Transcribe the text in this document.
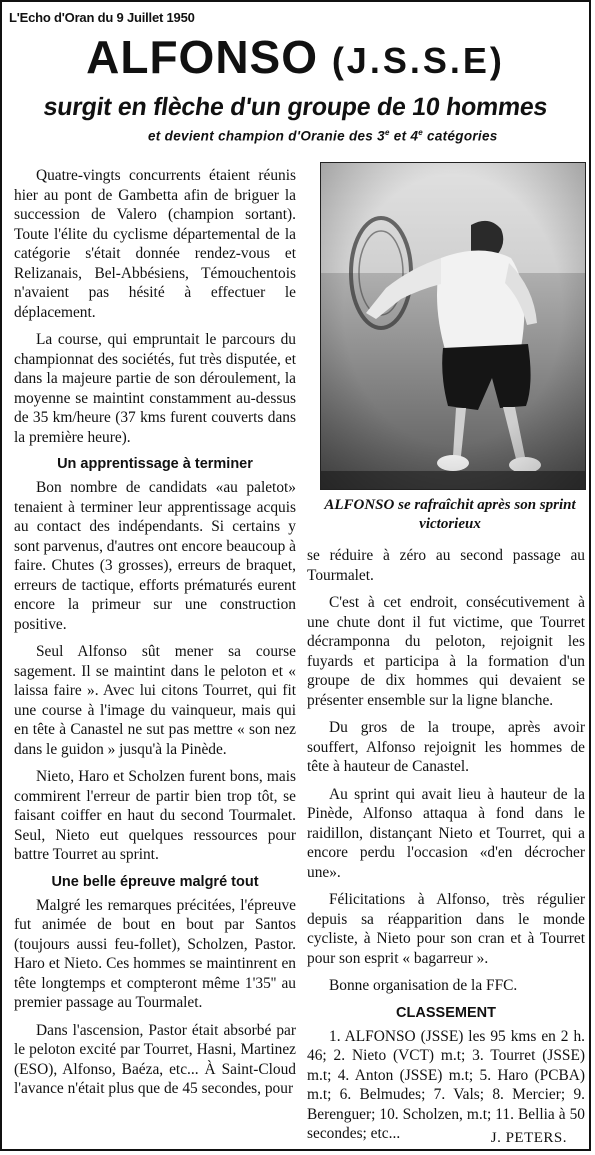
L'Echo d'Oran du 9 Juillet 1950
ALFONSO (J.S.S.E)
surgit en flèche d'un groupe de 10 hommes
et devient champion d'Oranie des 3e et 4e catégories
ALFONSO se rafraîchit après son sprint victorieux

Quatre-vingts concurrents étaient réunis hier au pont de Gambetta afin de briguer la succession de Valero (champion sortant). Toute l'élite du cyclisme départemental de la catégorie s'était donnée rendez-vous et Relizanais, Bel-Abbésiens, Témouchentois n'avaient pas hésité à effectuer le déplacement.

La course, qui empruntait le parcours du championnat des sociétés, fut très disputée, et dans la majeure partie de son déroulement, la moyenne se maintint constamment au-dessus de 35 km/heure (37 kms furent couverts dans la première heure).

Un apprentissage à terminer

Bon nombre de candidats «au paletot» tenaient à terminer leur apprentissage acquis au contact des indépendants. Si certains y sont parvenus, d'autres ont encore beaucoup à faire. Chutes (3 grosses), erreurs de braquet, erreurs de tactique, efforts prématurés eurent encore la primeur sur une construction positive.

Seul Alfonso sût mener sa course sagement. Il se maintint dans le peloton et « laissa faire ». Avec lui citons Tourret, qui fit une course à l'image du vainqueur, mais qui en tête à Canastel ne sut pas mettre « son nez dans le guidon » jusqu'à la Pinède.

Nieto, Haro et Scholzen furent bons, mais commirent l'erreur de partir bien trop tôt, se faisant coiffer en haut du second Tourmalet. Seul, Nieto eut quelques ressources pour battre Tourret au sprint.

Une belle épreuve malgré tout

Malgré les remarques précitées, l'épreuve fut animée de bout en bout par Santos (toujours aussi feu-follet), Scholzen, Pastor. Haro et Nieto. Ces hommes se maintinrent en tête longtemps et compteront même 1'35'' au premier passage au Tourmalet.

Dans l'ascension, Pastor était absorbé par le peloton excité par Tourret, Hasni, Martinez (ESO), Alfonso, Baéza, etc... À Saint-Cloud l'avance n'était plus que de 45 secondes, pour

se réduire à zéro au second passage au Tourmalet.

C'est à cet endroit, consécutivement à une chute dont il fut victime, que Tourret décramponna du peloton, rejoignit les fuyards et participa à la formation d'un groupe de dix hommes qui devaient se présenter ensemble sur la ligne blanche.

Du gros de la troupe, après avoir souffert, Alfonso rejoignit les hommes de tête à hauteur de Canastel.

Au sprint qui avait lieu à hauteur de la Pinède, Alfonso attaqua à fond dans le raidillon, distançant Nieto et Tourret, qui a encore perdu l'occasion «d'en décrocher une».

Félicitations à Alfonso, très régulier depuis sa réapparition dans le monde cycliste, à Nieto pour son cran et à Tourret pour son esprit « bagarreur ».

Bonne organisation de la FFC.

CLASSEMENT

1. ALFONSO (JSSE) les 95 kms en 2 h. 46; 2. Nieto (VCT) m.t; 3. Tourret (JSSE) m.t; 4. Anton (JSSE) m.t; 5. Haro (PCBA) m.t; 6. Belmudes; 7. Vals; 8. Mercier; 9. Berenguer; 10. Scholzen, m.t; 11. Bellia à 50 secondes; etc...	J. PETERS.
